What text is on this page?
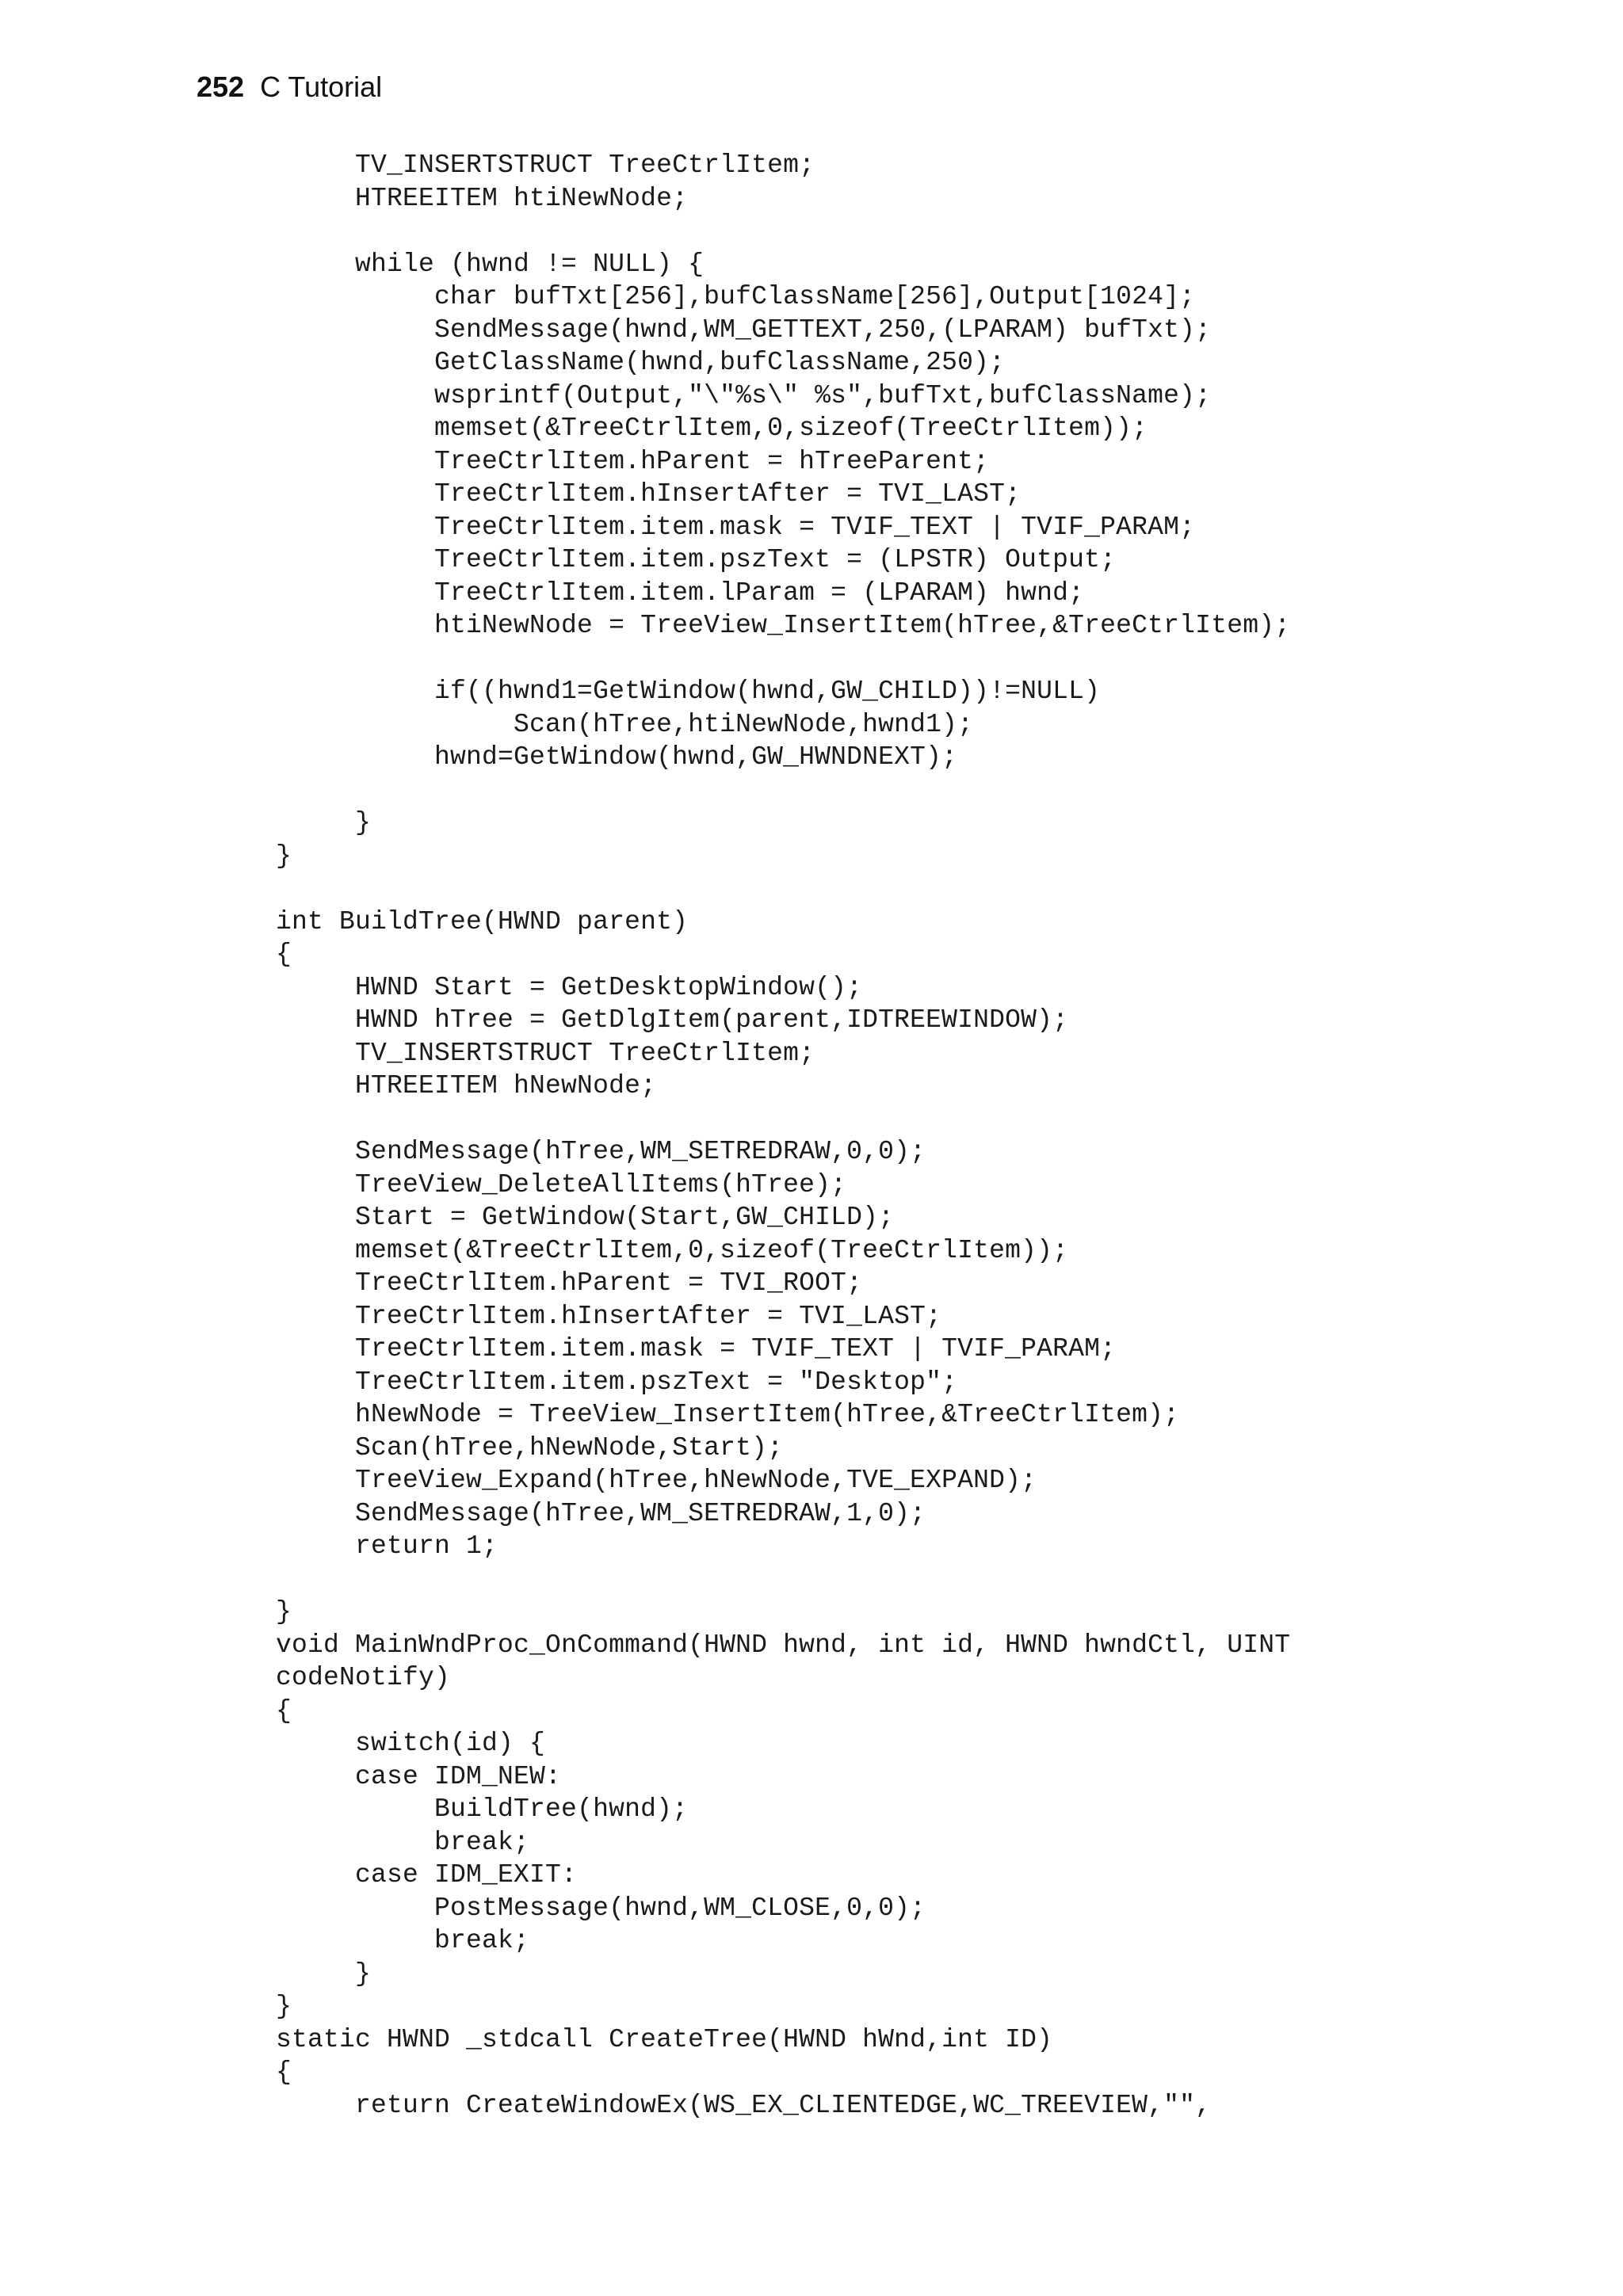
252 C Tutorial
TV_INSERTSTRUCT TreeCtrlItem;
HTREEITEM htiNewNode;

while (hwnd != NULL) {
char bufTxt[256],bufClassName[256],Output[1024];
SendMessage(hwnd,WM_GETTEXT,250,(LPARAM) bufTxt);
GetClassName(hwnd,bufClassName,250);
wsprintf(Output,"\"%s\" %s",bufTxt,bufClassName);
memset(&TreeCtrlItem,0,sizeof(TreeCtrlItem));
TreeCtrlItem.hParent = hTreeParent;
TreeCtrlItem.hInsertAfter = TVI_LAST;
TreeCtrlItem.item.mask = TVIF_TEXT | TVIF_PARAM;
TreeCtrlItem.item.pszText = (LPSTR) Output;
TreeCtrlItem.item.lParam = (LPARAM) hwnd;
htiNewNode = TreeView_InsertItem(hTree,&TreeCtrlItem);

if((hwnd1=GetWindow(hwnd,GW_CHILD))!=NULL)
Scan(hTree,htiNewNode,hwnd1);
hwnd=GetWindow(hwnd,GW_HWNDNEXT);

}
}

int BuildTree(HWND parent)
{
HWND Start = GetDesktopWindow();
HWND hTree = GetDlgItem(parent,IDTREEWINDOW);
TV_INSERTSTRUCT TreeCtrlItem;
HTREEITEM hNewNode;

SendMessage(hTree,WM_SETREDRAW,0,0);
TreeView_DeleteAllItems(hTree);
Start = GetWindow(Start,GW_CHILD);
memset(&TreeCtrlItem,0,sizeof(TreeCtrlItem));
TreeCtrlItem.hParent = TVI_ROOT;
TreeCtrlItem.hInsertAfter = TVI_LAST;
TreeCtrlItem.item.mask = TVIF_TEXT | TVIF_PARAM;
TreeCtrlItem.item.pszText = "Desktop";
hNewNode = TreeView_InsertItem(hTree,&TreeCtrlItem);
Scan(hTree,hNewNode,Start);
TreeView_Expand(hTree,hNewNode,TVE_EXPAND);
SendMessage(hTree,WM_SETREDRAW,1,0);
return 1;

}
void MainWndProc_OnCommand(HWND hwnd, int id, HWND hwndCtl, UINT
codeNotify)
{
switch(id) {
case IDM_NEW:
BuildTree(hwnd);
break;
case IDM_EXIT:
PostMessage(hwnd,WM_CLOSE,0,0);
break;
}
}
static HWND _stdcall CreateTree(HWND hWnd,int ID)
{
return CreateWindowEx(WS_EX_CLIENTEDGE,WC_TREEVIEW,"",
